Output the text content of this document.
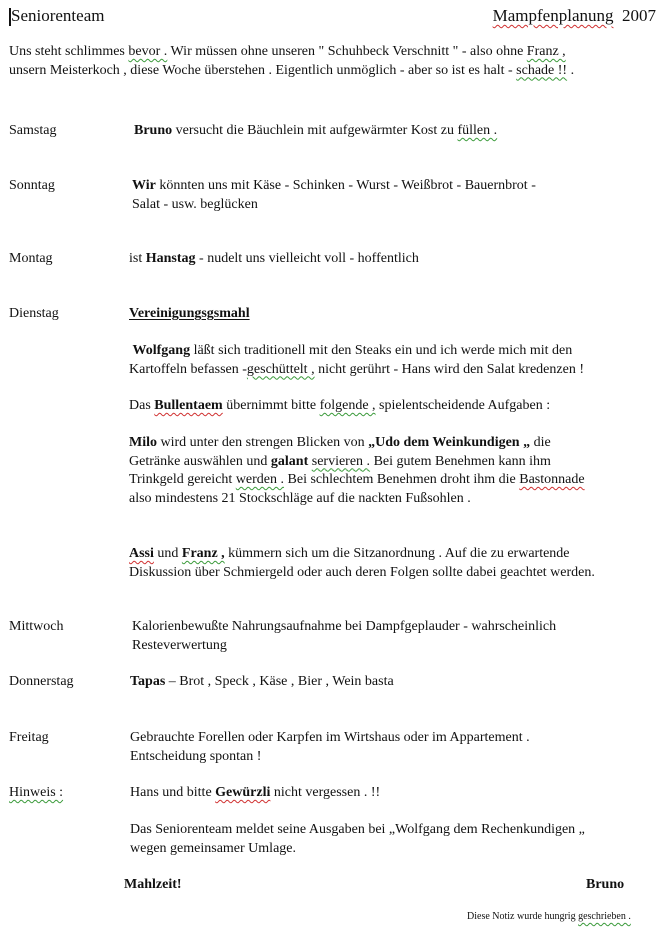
Seniorenteam	Mampfenplanung 2007
Uns steht schlimmes bevor . Wir müssen ohne unseren " Schuhbeck Verschnitt " - also ohne Franz ,
unsern Meisterkoch , diese Woche überstehen . Eigentlich unmöglich - aber so ist es halt - schade !! .
Samstag	Bruno versucht die Bäuchlein mit aufgewärmter Kost zu füllen .
Sonntag	Wir könnten uns mit Käse - Schinken - Wurst - Weißbrot - Bauernbrot -
Salat - usw. beglücken
Montag	ist Hanstag - nudelt uns vielleicht voll - hoffentlich
Dienstag	Vereinigungsgsmahl
Wolfgang läßt sich traditionell mit den Steaks ein und ich werde mich mit den
Kartoffeln befassen -geschüttelt , nicht gerührt - Hans wird den Salat kredenzen !
Das Bullentaem übernimmt bitte folgende , spielentscheidende Aufgaben :
Milo wird unter den strengen Blicken von „Udo dem Weinkundigen „ die
Getränke auswählen und galant servieren . Bei gutem Benehmen kann ihm
Trinkgeld gereicht werden . Bei schlechtem Benehmen droht ihm die Bastonnade
also mindestens 21 Stockschläge auf die nackten Fußsohlen .
Assi und Franz , kümmern sich um die Sitzanordnung . Auf die zu erwartende
Diskussion über Schmiergeld oder auch deren Folgen sollte dabei geachtet werden.
Mittwoch	Kalorienbewußte Nahrungsaufnahme bei Dampfgeplauder - wahrscheinlich
Resteverwertung
Donnerstag	Tapas – Brot , Speck , Käse , Bier , Wein basta
Freitag	Gebrauchte Forellen oder Karpfen im Wirtshaus oder im Appartement .
Entscheidung spontan !
Hinweis :	Hans und bitte Gewürzli nicht vergessen . !!
Das Seniorenteam meldet seine Ausgaben bei „Wolfgang dem Rechenkundigen „
wegen gemeinsamer Umlage.
Mahlzeit!	Bruno
Diese Notiz wurde hungrig geschrieben .
